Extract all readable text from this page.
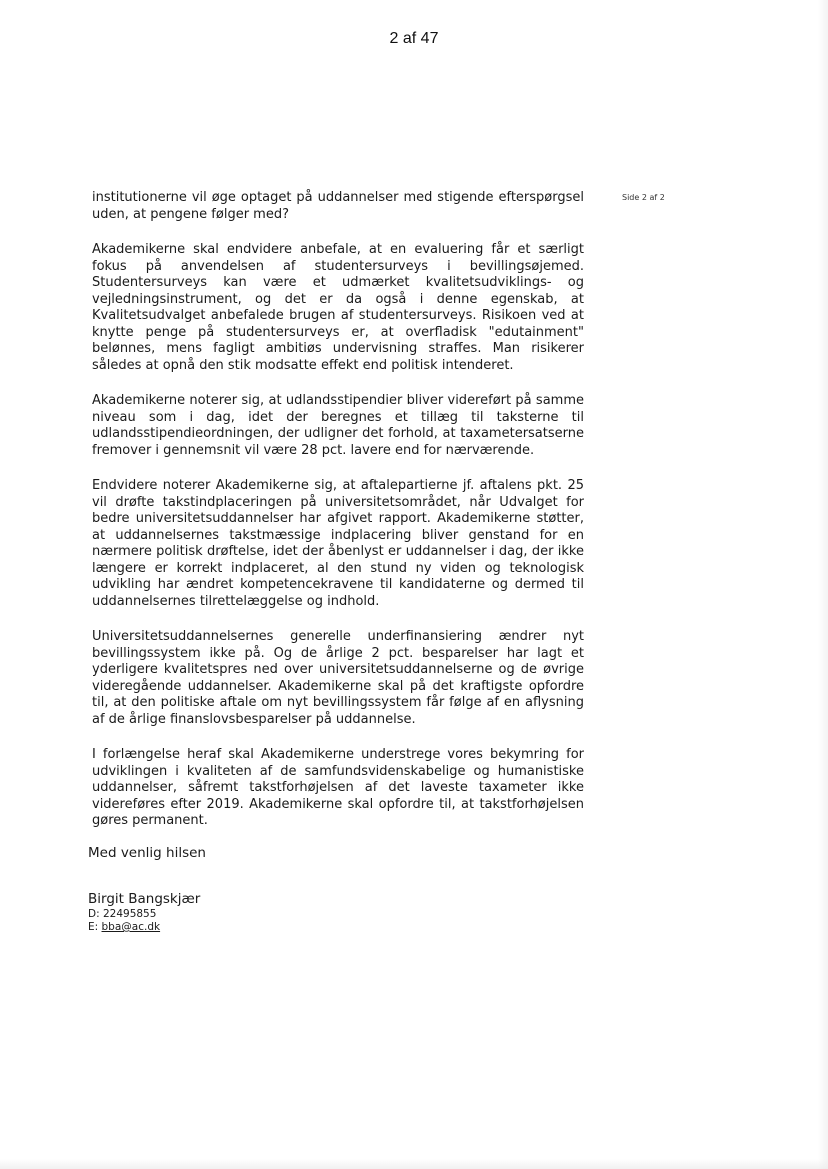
2 af 47
Side 2 af 2

institutionerne vil øge optaget på uddannelser med stigende efterspørgsel uden, at pengene følger med?

Akademikerne skal endvidere anbefale, at en evaluering får et særligt fokus på anvendelsen af studentersurveys i bevillingsøjemed. Studentersurveys kan være et udmærket kvalitetsudviklings- og vejledningsinstrument, og det er da også i denne egenskab, at Kvalitetsudvalget anbefalede brugen af studentersurveys. Risikoen ved at knytte penge på studentersurveys er, at overfladisk "edutainment" belønnes, mens fagligt ambitiøs undervisning straffes. Man risikerer således at opnå den stik modsatte effekt end politisk intenderet.

Akademikerne noterer sig, at udlandsstipendier bliver videreført på samme niveau som i dag, idet der beregnes et tillæg til taksterne til udlandsstipendieordningen, der udligner det forhold, at taxametersatserne fremover i gennemsnit vil være 28 pct. lavere end for nærværende.

Endvidere noterer Akademikerne sig, at aftalepartierne jf. aftalens pkt. 25 vil drøfte takstindplaceringen på universitetsområdet, når Udvalget for bedre universitetsuddannelser har afgivet rapport. Akademikerne støtter, at uddannelsernes takstmæssige indplacering bliver genstand for en nærmere politisk drøftelse, idet der åbenlyst er uddannelser i dag, der ikke længere er korrekt indplaceret, al den stund ny viden og teknologisk udvikling har ændret kompetencekravene til kandidaterne og dermed til uddannelsernes tilrettelæggelse og indhold.

Universitetsuddannelsernes generelle underfinansiering ændrer nyt bevillingssystem ikke på. Og de årlige 2 pct. besparelser har lagt et yderligere kvalitetspres ned over universitetsuddannelserne og de øvrige videregående uddannelser. Akademikerne skal på det kraftigste opfordre til, at den politiske aftale om nyt bevillingssystem får følge af en aflysning af de årlige finanslovsbesparelser på uddannelse.

I forlængelse heraf skal Akademikerne understrege vores bekymring for udviklingen i kvaliteten af de samfundsvidenskabelige og humanistiske uddannelser, såfremt takstforhøjelsen af det laveste taxameter ikke videreføres efter 2019. Akademikerne skal opfordre til, at takstforhøjelsen gøres permanent.

Med venlig hilsen
Birgit Bangskjær
D: 22495855
E: bba@ac.dk
